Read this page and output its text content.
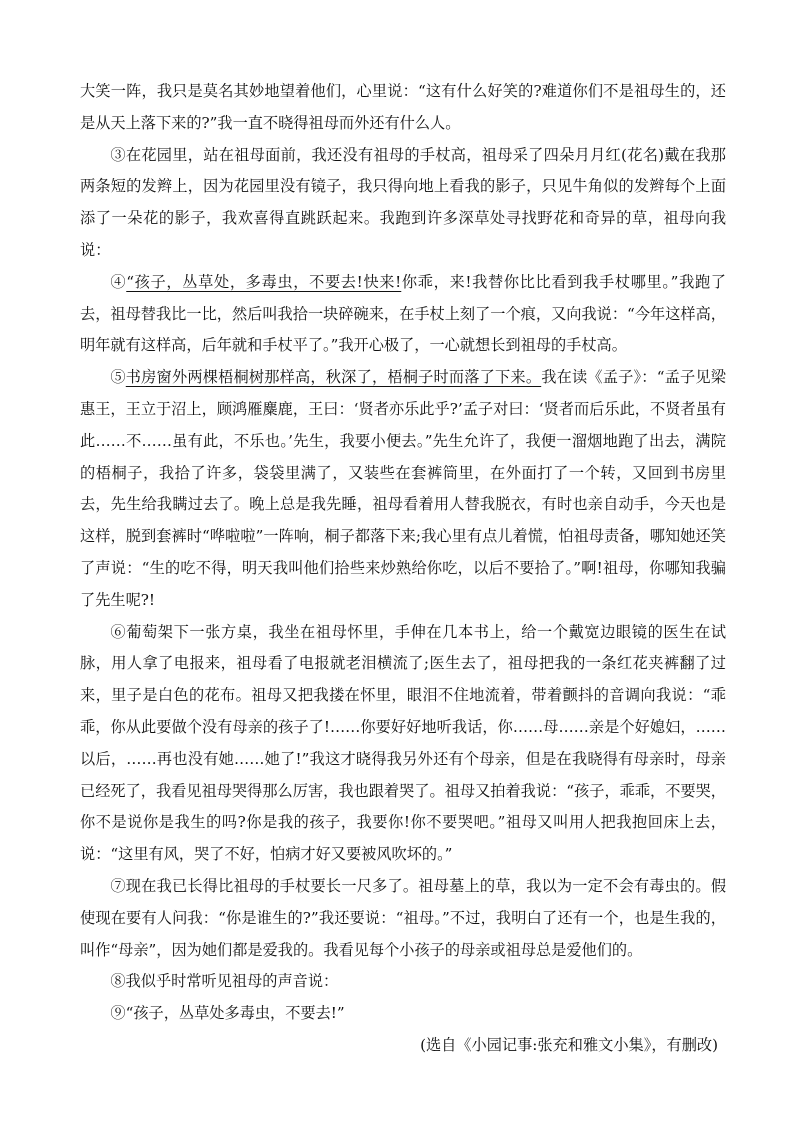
大笑一阵，我只是莫名其妙地望着他们，心里说：“这有什么好笑的?难道你们不是祖母生的，还是从天上落下来的?”我一直不晓得祖母而外还有什么人。

③在花园里，站在祖母面前，我还没有祖母的手杖高，祖母采了四朵月月红(花名)戴在我那两条短的发辫上，因为花园里没有镜子，我只得向地上看我的影子，只见牛角似的发辫每个上面添了一朵花的影子，我欢喜得直跳跃起来。我跑到许多深草处寻找野花和奇异的草，祖母向我说：

④“孩子，丛草处，多毒虫，不要去!快来!你乖，来!我替你比比看到我手杖哪里。”我跑了去，祖母替我比一比，然后叫我拾一块碎碗来，在手杖上刻了一个痕，又向我说：“今年这样高，明年就有这样高，后年就和手杖平了。”我开心极了，一心就想长到祖母的手杖高。

⑤书房窗外两棵梧桐树那样高，秋深了，梧桐子时而落了下来。我在读《孟子》：“孟子见梁惠王，王立于沼上，顾鸿雁麋鹿，王曰：‘贤者亦乐此乎?’孟子对曰：‘贤者而后乐此，不贤者虽有此……不……虽有此，不乐也。’先生，我要小便去。”先生允许了，我便一溜烟地跑了出去，满院的梧桐子，我拾了许多，袋袋里满了，又装些在套裤筒里，在外面打了一个转，又回到书房里去，先生给我瞒过去了。晚上总是我先睡，祖母看着用人替我脱衣，有时也亲自动手，今天也是这样，脱到套裤时“哗啦啦”一阵响，桐子都落下来;我心里有点儿着慌，怕祖母责备，哪知她还笑了声说：“生的吃不得，明天我叫他们拾些来炒熟给你吃，以后不要拾了。”啊!祖母，你哪知我骗了先生呢?!

⑥葡萄架下一张方桌，我坐在祖母怀里，手伸在几本书上，给一个戴宽边眼镜的医生在试脉，用人拿了电报来，祖母看了电报就老泪横流了;医生去了，祖母把我的一条红花夹裤翻了过来，里子是白色的花布。祖母又把我搂在怀里，眼泪不住地流着，带着颤抖的音调向我说：“乖乖，你从此要做个没有母亲的孩子了!……你要好好地听我话，你……母……亲是个好媳妇，……以后，……再也没有她……她了!”我这才晓得我另外还有个母亲，但是在我晓得有母亲时，母亲已经死了，我看见祖母哭得那么厉害，我也跟着哭了。祖母又拍着我说：“孩子，乖乖，不要哭，你不是说你是我生的吗?你是我的孩子，我要你!你不要哭吧。”祖母又叫用人把我抱回床上去，说：“这里有风，哭了不好，怕病才好又要被风吹坏的。”

⑦现在我已长得比祖母的手杖要长一尺多了。祖母墓上的草，我以为一定不会有毒虫的。假使现在要有人问我：“你是谁生的?”我还要说：“祖母。”不过，我明白了还有一个，也是生我的，叫作“母亲”，因为她们都是爱我的。我看见每个小孩子的母亲或祖母总是爱他们的。

⑧我似乎时常听见祖母的声音说：

⑨“孩子，丛草处多毒虫，不要去!”

(选自《小园记事:张充和雅文小集》，有删改)
